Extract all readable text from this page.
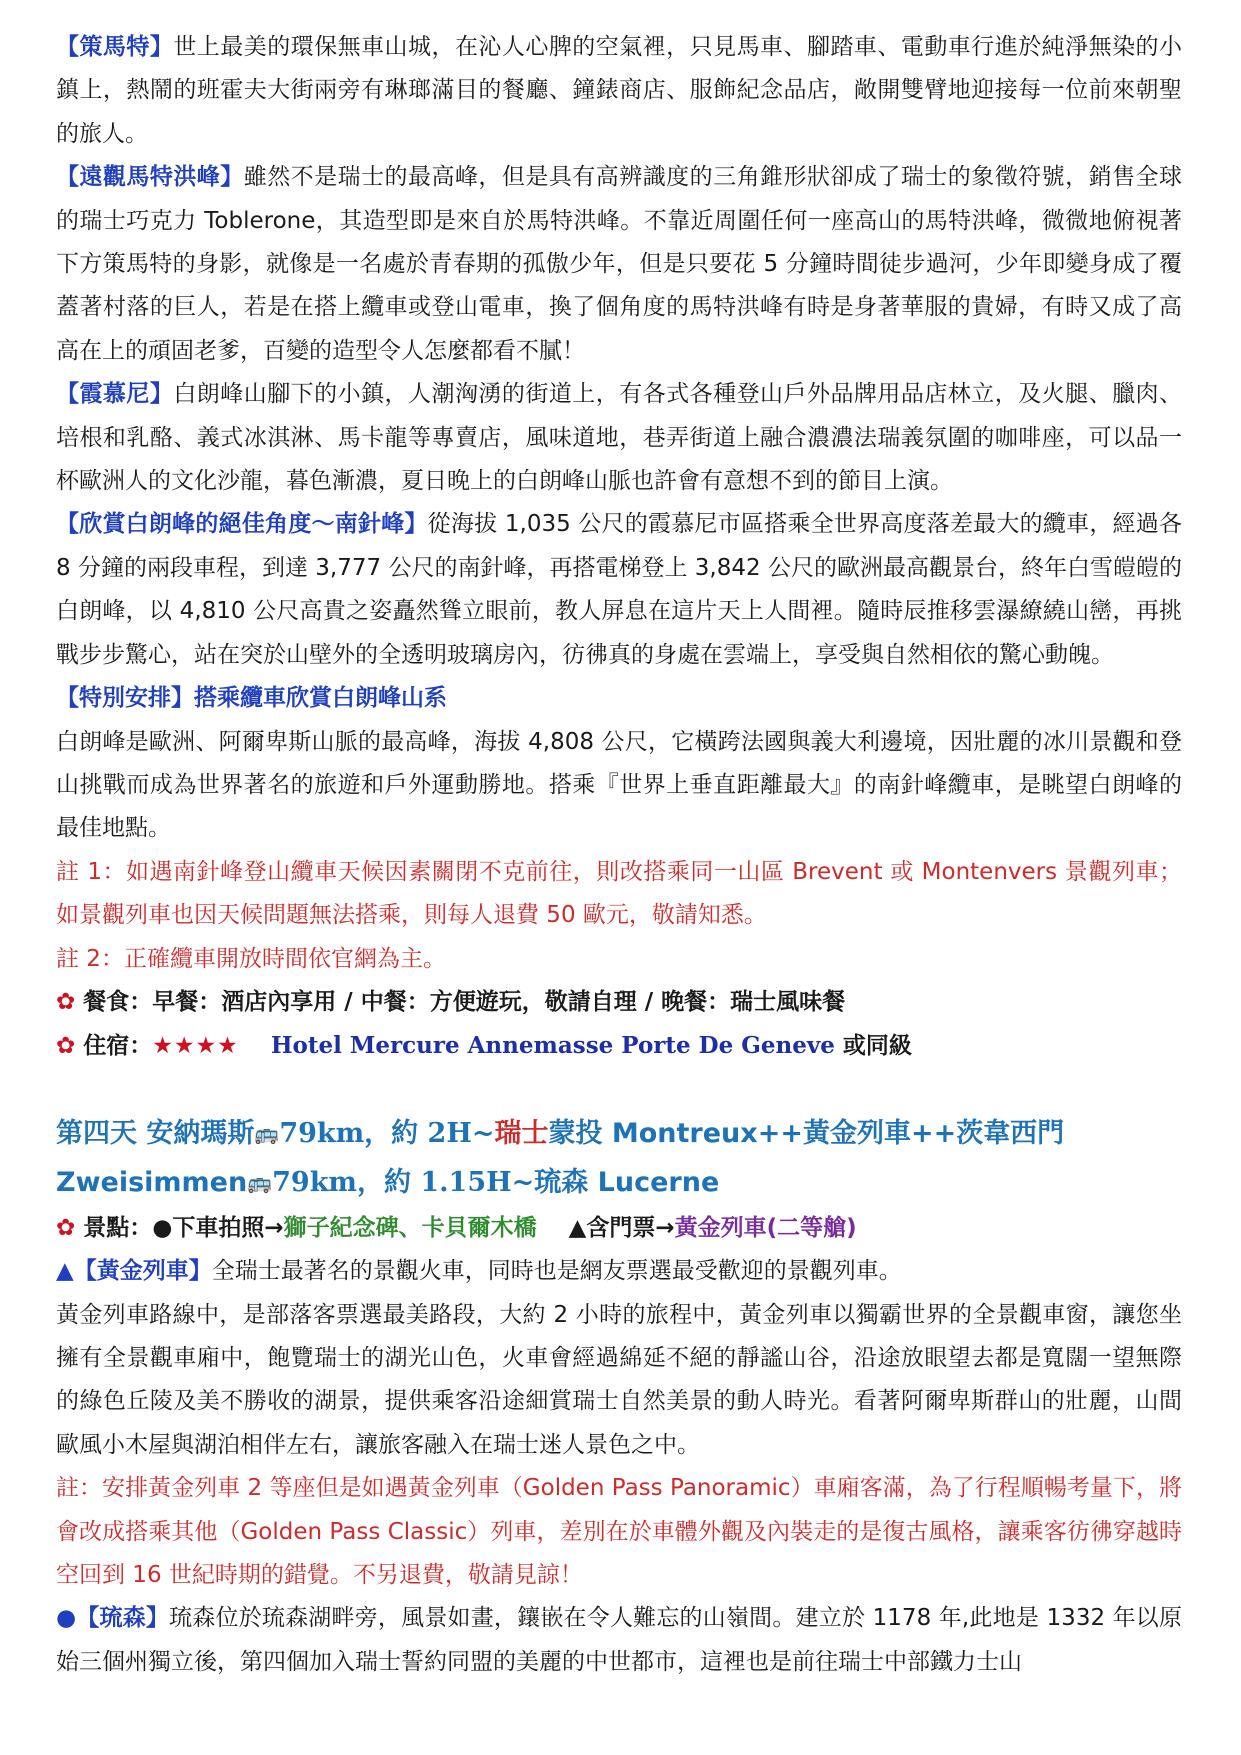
【策馬特】世上最美的環保無車山城，在沁人心脾的空氣裡，只見馬車、腳踏車、電動車行進於純淨無染的小鎮上，熱鬧的班霍夫大街兩旁有琳瑯滿目的餐廳、鐘錶商店、服飾紀念品店，敞開雙臂地迎接每一位前來朝聖的旅人。

【遠觀馬特洪峰】雖然不是瑞士的最高峰，但是具有高辨識度的三角錐形狀卻成了瑞士的象徵符號，銷售全球的瑞士巧克力 Toblerone，其造型即是來自於馬特洪峰。不靠近周圍任何一座高山的馬特洪峰，微微地俯視著下方策馬特的身影，就像是一名處於青春期的孤傲少年，但是只要花 5 分鐘時間徒步過河，少年即變身成了覆蓋著村落的巨人，若是在搭上纜車或登山電車，換了個角度的馬特洪峰有時是身著華服的貴婦，有時又成了高高在上的頑固老爹，百變的造型令人怎麼都看不膩！

【霞慕尼】白朗峰山腳下的小鎮，人潮洶湧的街道上，有各式各種登山戶外品牌用品店林立，及火腿、臘肉、培根和乳酪、義式冰淇淋、馬卡龍等專賣店，風味道地，巷弄街道上融合濃濃法瑞義氛圍的咖啡座，可以品一杯歐洲人的文化沙龍，暮色漸濃，夏日晚上的白朗峰山脈也許會有意想不到的節目上演。

【欣賞白朗峰的絕佳角度～南針峰】從海拔 1,035 公尺的霞慕尼市區搭乘全世界高度落差最大的纜車，經過各 8 分鐘的兩段車程，到達 3,777 公尺的南針峰，再搭電梯登上 3,842 公尺的歐洲最高觀景台，終年白雪皚皚的白朗峰，以 4,810 公尺高貴之姿矗然聳立眼前，教人屏息在這片天上人間裡。隨時辰推移雲瀑繚繞山巒，再挑戰步步驚心，站在突於山壁外的全透明玻璃房內，彷彿真的身處在雲端上，享受與自然相依的驚心動魄。

【特別安排】搭乘纜車欣賞白朗峰山系

白朗峰是歐洲、阿爾卑斯山脈的最高峰，海拔 4,808 公尺，它橫跨法國與義大利邊境，因壯麗的冰川景觀和登山挑戰而成為世界著名的旅遊和戶外運動勝地。搭乘『世界上垂直距離最大』的南針峰纜車，是眺望白朗峰的最佳地點。

註 1：如遇南針峰登山纜車天候因素關閉不克前往，則改搭乘同一山區 Brevent 或 Montenvers 景觀列車；如景觀列車也因天候問題無法搭乘，則每人退費 50 歐元，敬請知悉。

註 2：正確纜車開放時間依官網為主。

✿ 餐食：早餐：酒店內享用 / 中餐：方便遊玩，敬請自理 / 晚餐：瑞士風味餐

✿ 住宿：★★★★ Hotel Mercure Annemasse Porte De Geneve 或同級

第四天 安納瑪斯🚌79km，約 2H~瑞士蒙投 Montreux++黃金列車++茨韋西門

Zweisimmen🚌79km，約 1.15H~琉森 Lucerne

✿ 景點：●下車拍照→獅子紀念碑、卡貝爾木橋 ▲含門票→黃金列車(二等艙)

▲【黃金列車】全瑞士最著名的景觀火車，同時也是網友票選最受歡迎的景觀列車。

黃金列車路線中，是部落客票選最美路段，大約 2 小時的旅程中，黃金列車以獨霸世界的全景觀車窗，讓您坐擁有全景觀車廂中，飽覽瑞士的湖光山色，火車會經過綿延不絕的靜謐山谷，沿途放眼望去都是寬闊一望無際的綠色丘陵及美不勝收的湖景，提供乘客沿途細賞瑞士自然美景的動人時光。看著阿爾卑斯群山的壯麗，山間歐風小木屋與湖泊相伴左右，讓旅客融入在瑞士迷人景色之中。

註：安排黃金列車 2 等座但是如遇黃金列車（Golden Pass Panoramic）車廂客滿，為了行程順暢考量下，將會改成搭乘其他（Golden Pass Classic）列車，差別在於車體外觀及內裝走的是復古風格，讓乘客彷彿穿越時空回到 16 世紀時期的錯覺。不另退費，敬請見諒！

●【琉森】琉森位於琉森湖畔旁，風景如畫，鑲嵌在令人難忘的山嶺間。建立於 1178 年,此地是 1332 年以原始三個州獨立後，第四個加入瑞士誓約同盟的美麗的中世都市，這裡也是前往瑞士中部鐵力士山
